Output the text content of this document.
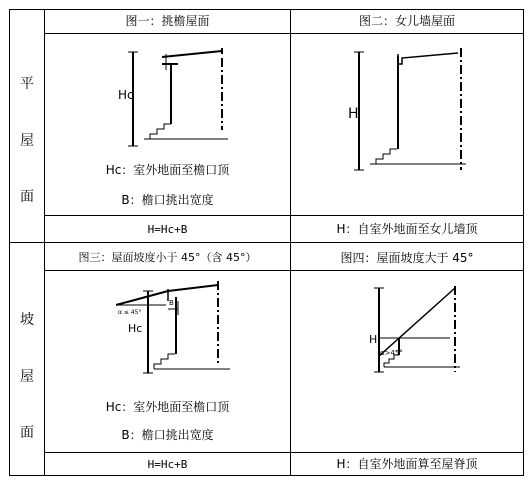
平
屋
面
坡
屋
面
图一：挑檐屋面
Hc
Hc：室外地面至檐口顶
B：檐口挑出宽度
H=Hc+B
图二：女儿墙屋面
H
H：自室外地面至女儿墙顶
图三：屋面坡度小于 45°（含 45°）
Hc
B
α ≤ 45°
Hc：室外地面至檐口顶
B：檐口挑出宽度
H=Hc+B
图四：屋面坡度大于 45°
H
α>45°
H：自室外地面算至屋脊顶
